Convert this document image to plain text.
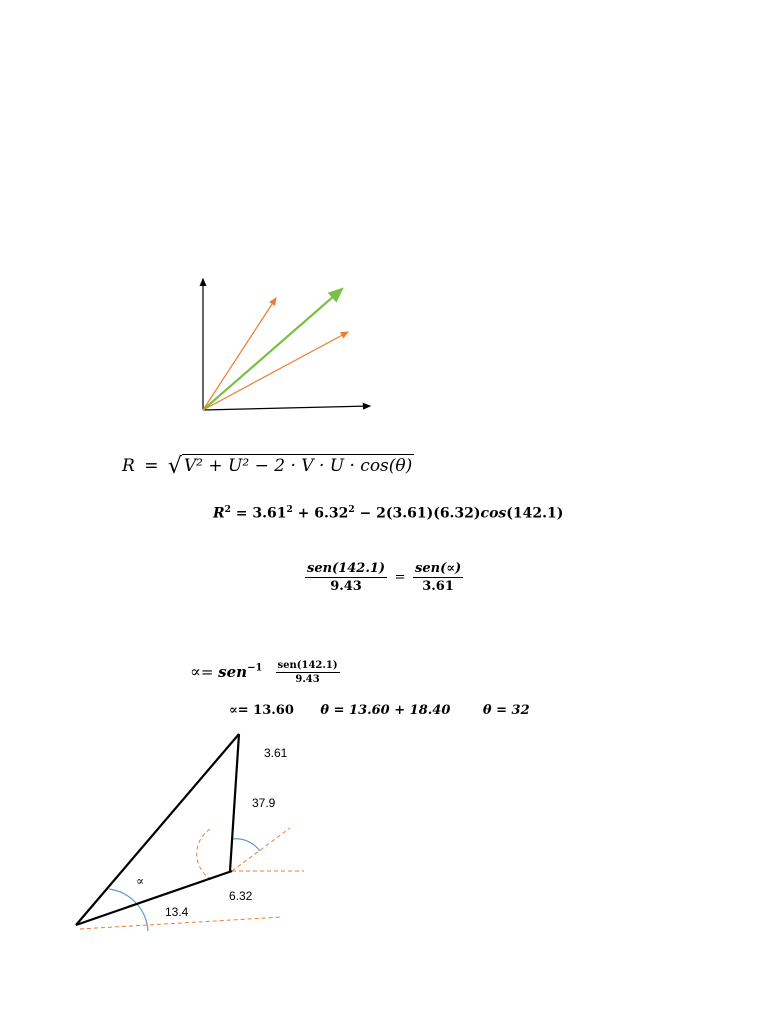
R = √ V² + U² − 2 · V · U · cos(θ)
$R^2 = 3.61^2 + 6.32^2 - 2(3.61)(6.32)\cos(142.1)$
$\frac{\text{sen(142.1)}}{9.43} = \frac{\text{sen(∝)}}{3.61}$
∝= $sen^{-1} \frac{\text{sen(142.1)}}{9.43}$
∝= 13.60 θ = 13.60 + 18.40	θ = 32
3.61
37.9
∝
6.32
13.4
